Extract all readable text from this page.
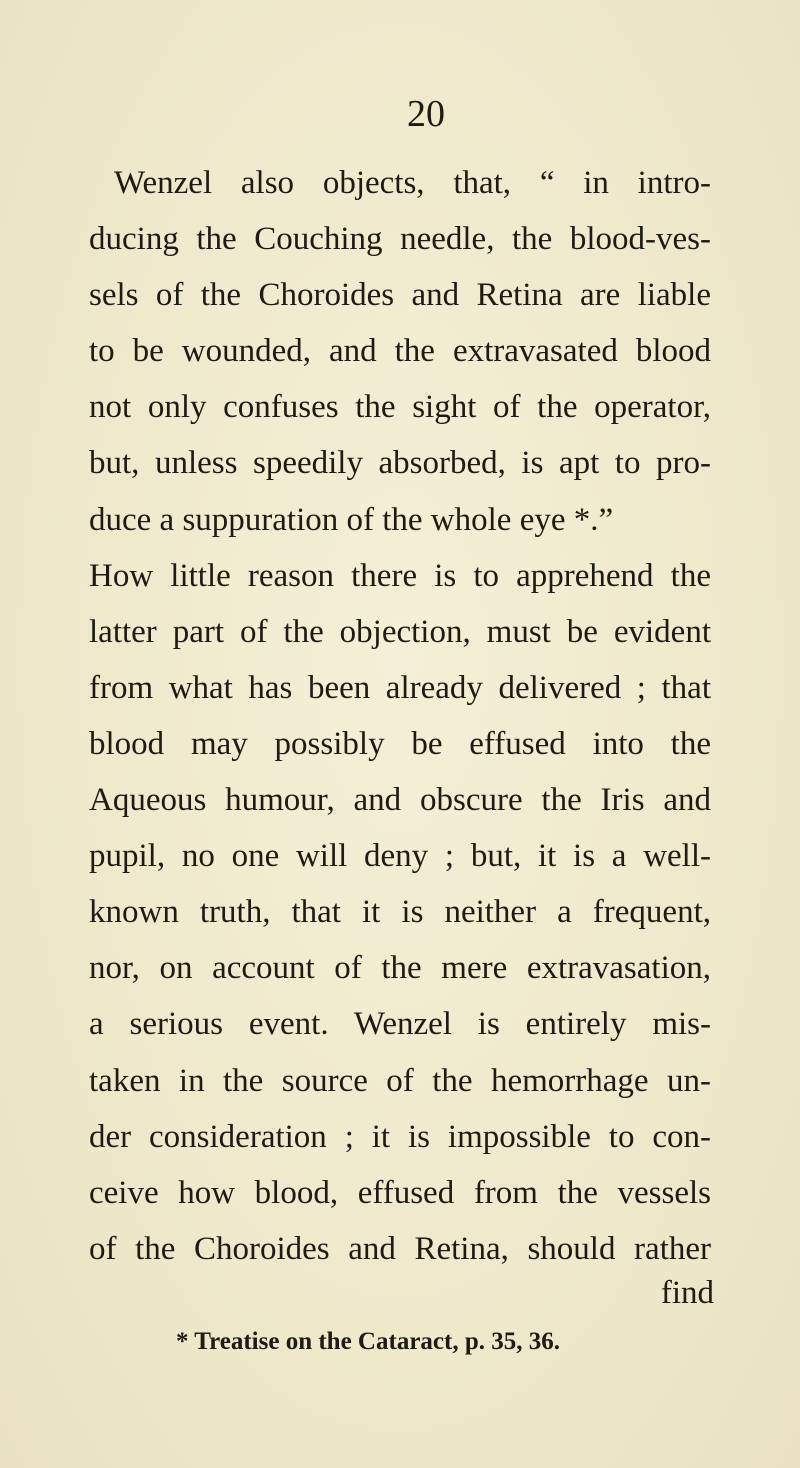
20
Wenzel also objects, that, “ in intro-
ducing the Couching needle, the blood-ves-
sels of the Choroides and Retina are liable
to be wounded, and the extravasated blood
not only confuses the sight of the operator,
but, unless speedily absorbed, is apt to pro-
duce a suppuration of the whole eye *.”
How little reason there is to apprehend the
latter part of the objection, must be evident
from what has been already delivered ; that
blood may possibly be effused into the
Aqueous humour, and obscure the Iris and
pupil, no one will deny ; but, it is a well-
known truth, that it is neither a frequent,
nor, on account of the mere extravasation,
a serious event. Wenzel is entirely mis-
taken in the source of the hemorrhage un-
der consideration ; it is impossible to con-
ceive how blood, effused from the vessels
of the Choroides and Retina, should rather
find
* Treatise on the Cataract, p. 35, 36.
